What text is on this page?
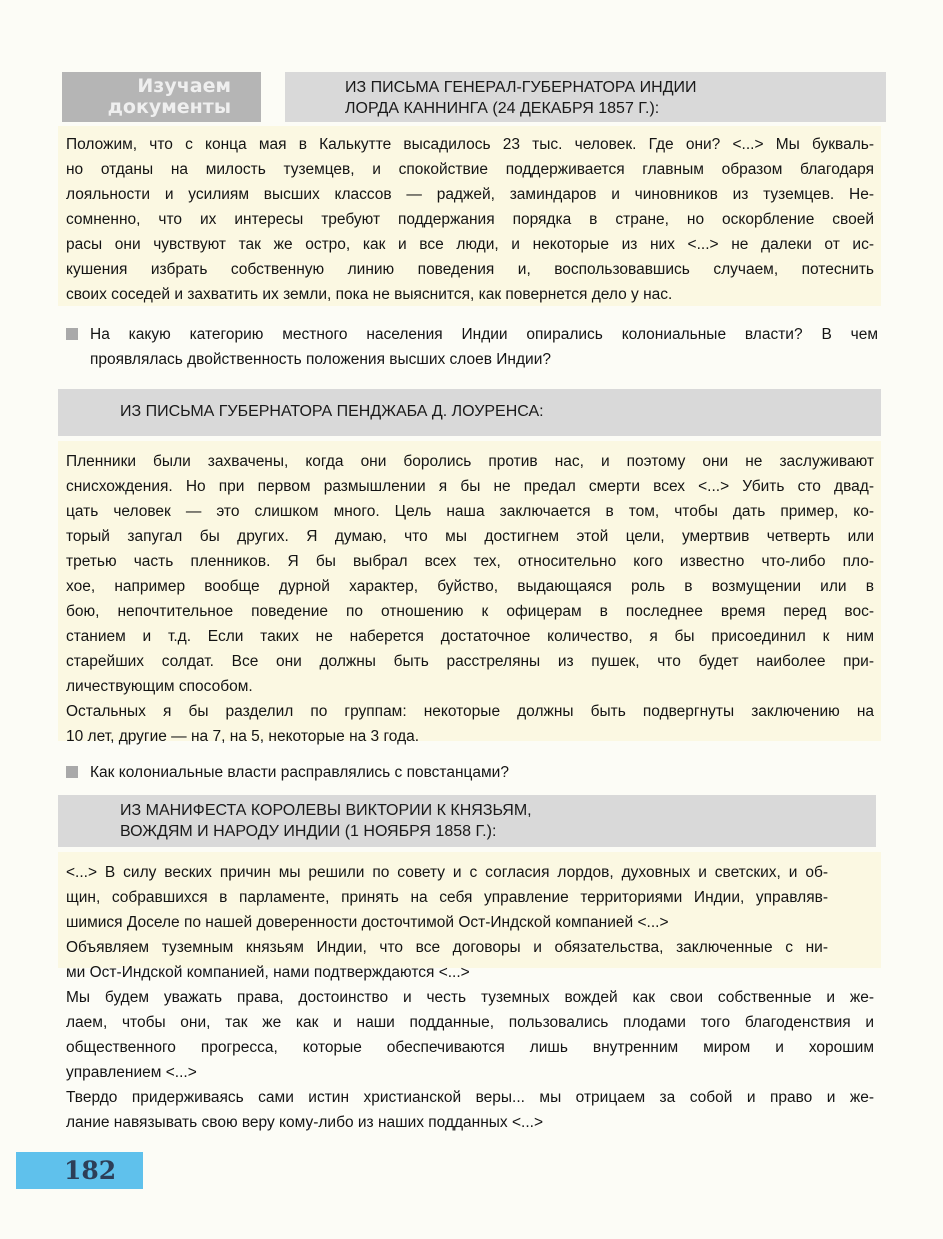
Изучаем
документы
ИЗ ПИСЬМА ГЕНЕРАЛ-ГУБЕРНАТОРА ИНДИИ
ЛОРДА КАННИНГА (24 ДЕКАБРЯ 1857 Г.):

Положим, что с конца мая в Калькутте высадилось 23 тыс. человек. Где они? <...> Мы букваль-

но отданы на милость туземцев, и спокойствие поддерживается главным образом благодаря

лояльности и усилиям высших классов — раджей, заминдаров и чиновников из туземцев. Не-

сомненно, что их интересы требуют поддержания порядка в стране, но оскорбление своей

расы они чувствуют так же остро, как и все люди, и некоторые из них <...> не далеки от ис-

кушения избрать собственную линию поведения и, воспользовавшись случаем, потеснить

своих соседей и захватить их земли, пока не выяснится, как повернется дело у нас.

На какую категорию местного населения Индии опирались колониальные власти? В чем
проявлялась двойственность положения высших слоев Индии?
ИЗ ПИСЬМА ГУБЕРНАТОРА ПЕНДЖАБА Д. ЛОУРЕНСА:

Пленники были захвачены, когда они боролись против нас, и поэтому они не заслуживают

снисхождения. Но при первом размышлении я бы не предал смерти всех <...> Убить сто двад-

цать человек — это слишком много. Цель наша заключается в том, чтобы дать пример, ко-

торый запугал бы других. Я думаю, что мы достигнем этой цели, умертвив четверть или

третью часть пленников. Я бы выбрал всех тех, относительно кого известно что-либо пло-

хое, например вообще дурной характер, буйство, выдающаяся роль в возмущении или в

бою, непочтительное поведение по отношению к офицерам в последнее время перед вос-

станием и т.д. Если таких не наберется достаточное количество, я бы присоединил к ним

старейших солдат. Все они должны быть расстреляны из пушек, что будет наиболее при-

личествующим способом.

Остальных я бы разделил по группам: некоторые должны быть подвергнуты заключению на

10 лет, другие — на 7, на 5, некоторые на 3 года.

Как колониальные власти расправлялись с повстанцами?
ИЗ МАНИФЕСТА КОРОЛЕВЫ ВИКТОРИИ К КНЯЗЬЯМ,
ВОЖДЯМ И НАРОДУ ИНДИИ (1 НОЯБРЯ 1858 Г.):

<...> В силу веских причин мы решили по совету и с согласия лордов, духовных и светских, и об-

щин, собравшихся в парламенте, принять на себя управление территориями Индии, управляв-

шимися Доселе по нашей доверенности досточтимой Ост-Индской компанией <...>

Объявляем туземным князьям Индии, что все договоры и обязательства, заключенные с ни-

ми Ост-Индской компанией, нами подтверждаются <...>

Мы будем уважать права, достоинство и честь туземных вождей как свои собственные и же-

лаем, чтобы они, так же как и наши подданные, пользовались плодами того благоденствия и

общественного прогресса, которые обеспечиваются лишь внутренним миром и хорошим

управлением <...>

Твердо придерживаясь сами истин христианской веры... мы отрицаем за собой и право и же-

лание навязывать свою веру кому-либо из наших подданных <...>

182
